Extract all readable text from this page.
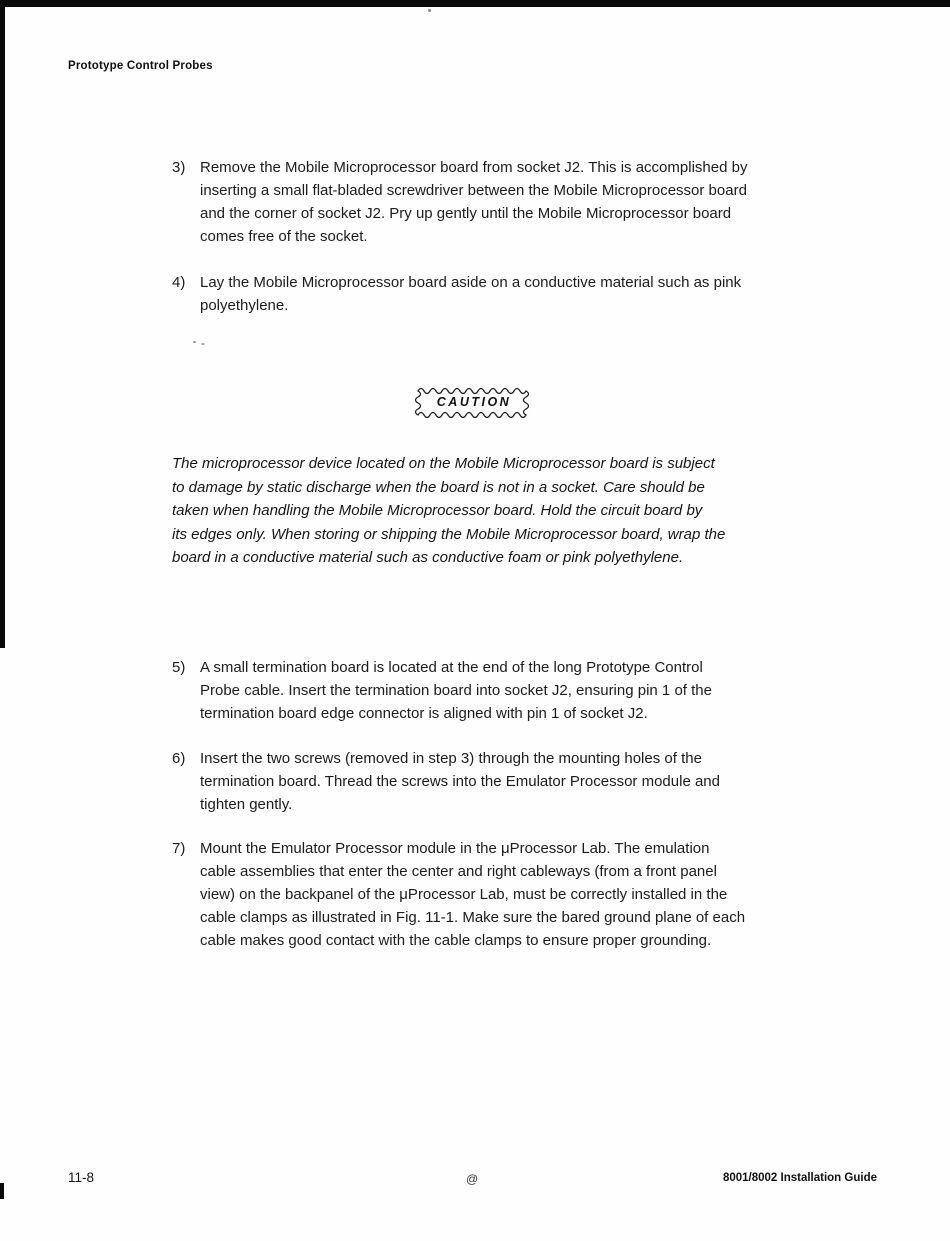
Prototype Control Probes
3) Remove the Mobile Microprocessor board from socket J2. This is accomplished by
inserting a small flat-bladed screwdriver between the Mobile Microprocessor board
and the corner of socket J2. Pry up gently until the Mobile Microprocessor board
comes free of the socket.
4) Lay the Mobile Microprocessor board aside on a conductive material such as pink
polyethylene.
CAUTION
The microprocessor device located on the Mobile Microprocessor board is subject
to damage by static discharge when the board is not in a socket. Care should be
taken when handling the Mobile Microprocessor board. Hold the circuit board by
its edges only. When storing or shipping the Mobile Microprocessor board, wrap the
board in a conductive material such as conductive foam or pink polyethylene.
5) A small termination board is located at the end of the long Prototype Control
Probe cable. Insert the termination board into socket J2, ensuring pin 1 of the
termination board edge connector is aligned with pin 1 of socket J2.
6) Insert the two screws (removed in step 3) through the mounting holes of the
termination board. Thread the screws into the Emulator Processor module and
tighten gently.
7) Mount the Emulator Processor module in the μProcessor Lab. The emulation
cable assemblies that enter the center and right cableways (from a front panel
view) on the backpanel of the μProcessor Lab, must be correctly installed in the
cable clamps as illustrated in Fig. 11-1. Make sure the bared ground plane of each
cable makes good contact with the cable clamps to ensure proper grounding.
11-8	@	8001/8002 Installation Guide
